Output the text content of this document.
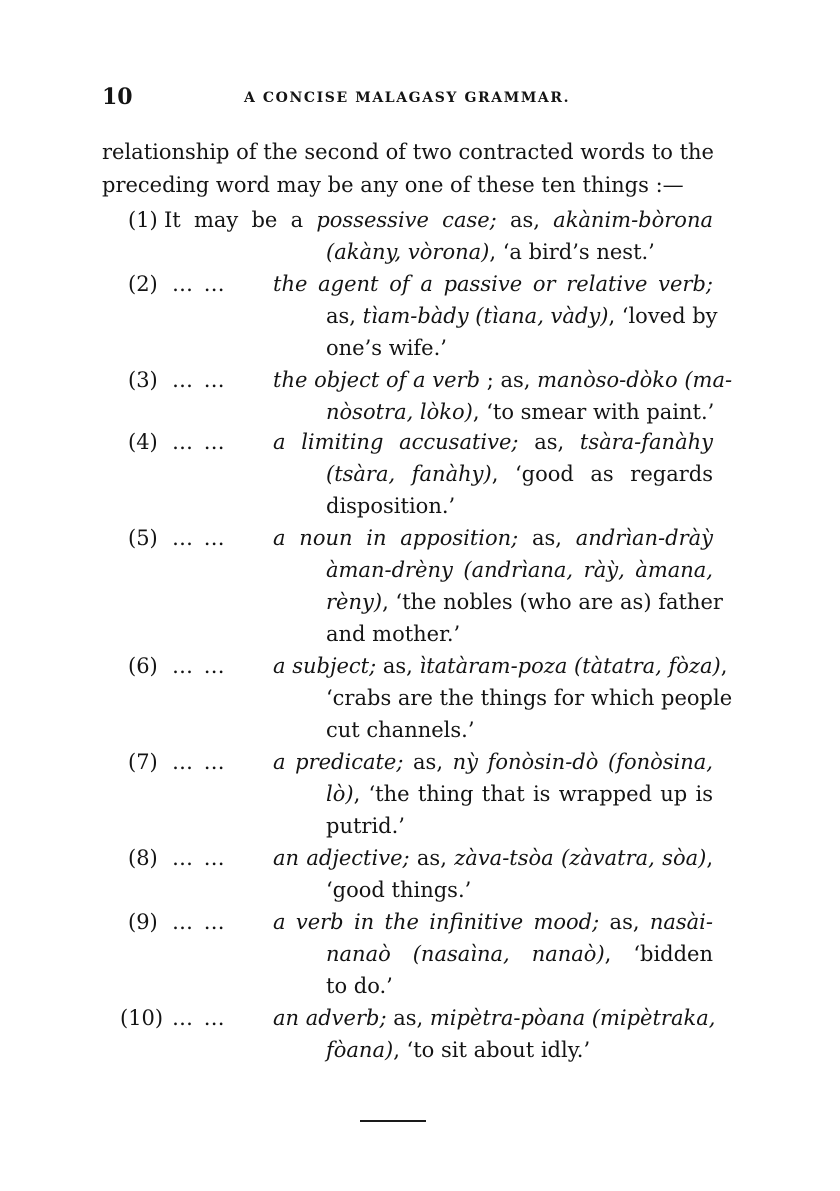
10	A CONCISE MALAGASY GRAMMAR.
relationship of the second of two contracted words to the
preceding word may be any one of these ten things :—
(1) It may be a possessive case; as, akànim-bòrona
(akàny, vòrona), ‘a bird’s nest.’
(2) … … the agent of a passive or relative verb;
as, tìam-bàdy (tìana, vàdy), ‘loved by
one’s wife.’
(3) … … the object of a verb ; as, manòso-dòko (ma-
nòsotra, lòko), ‘to smear with paint.’
(4) … … a limiting accusative; as, tsàra-fanàhy
(tsàra, fanàhy), ‘good as regards
disposition.’
(5) … … a noun in apposition; as, andrìan-dràỳ
àman-drèny (andrìana, ràỳ, àmana,
rèny), ‘the nobles (who are as) father
and mother.’
(6) … … a subject; as, ìtatàram-poza (tàtatra, fòza),
‘crabs are the things for which people
cut channels.’
(7) … … a predicate; as, nỳ fonòsin-dò (fonòsina,
lò), ‘the thing that is wrapped up is
putrid.’
(8) … … an adjective; as, zàva-tsòa (zàvatra, sòa),
‘good things.’
(9) … … a verb in the infinitive mood; as, nasài-
nanaò (nasaìna, nanaò), ‘bidden
to do.’
(10) … … an adverb; as, mipètra-pòana (mipètraka,
fòana), ‘to sit about idly.’
